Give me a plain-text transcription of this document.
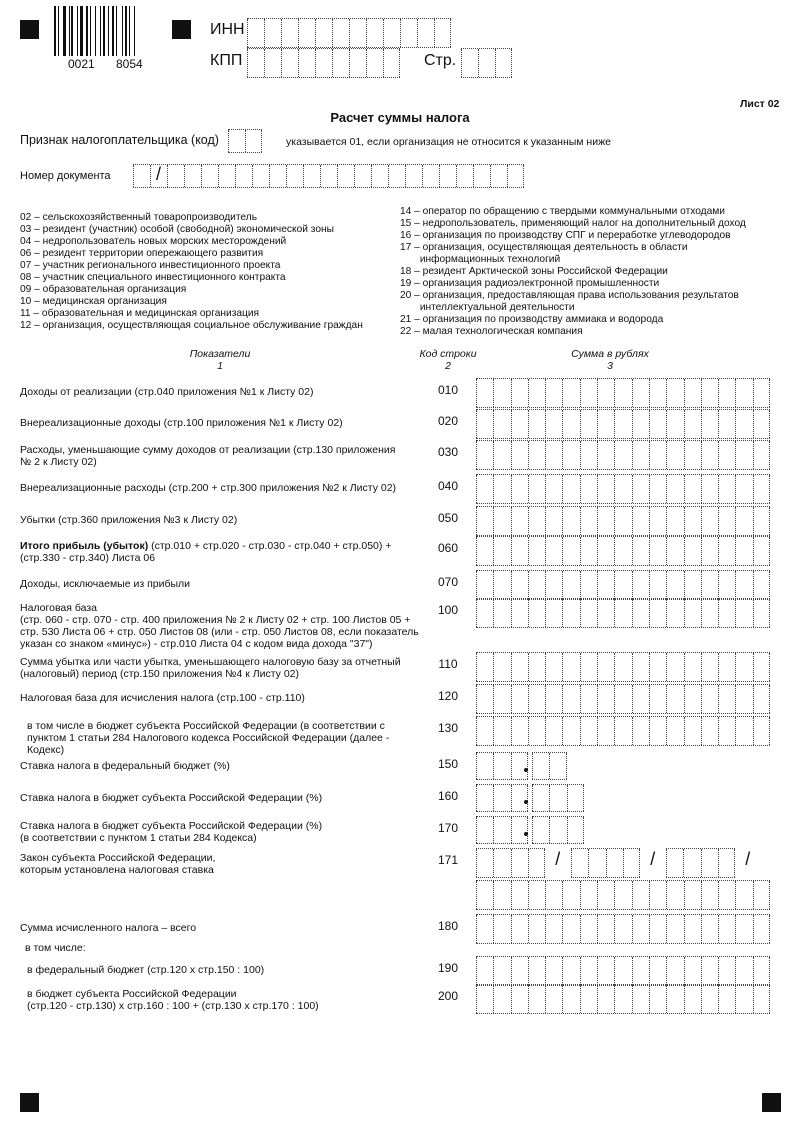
0021 8054
ИНН
КПП	Стр.
Лист 02
Расчет суммы налога
Признак налогоплательщика (код)	указывается 01, если организация не относится к указанным ниже
Номер документа	/
02 – сельскохозяйственный товаропроизводитель
03 – резидент (участник) особой (свободной) экономической зоны
04 – недропользователь новых морских месторождений
06 – резидент территории опережающего развития
07 – участник регионального инвестиционного проекта
08 – участник специального инвестиционного контракта
09 – образовательная организация
10 – медицинская организация
11 – образовательная и медицинская организация
12 – организация, осуществляющая социальное обслуживание граждан
14 – оператор по обращению с твердыми коммунальными отходами
15 – недропользователь, применяющий налог на дополнительный доход
16 – организация по производству СПГ и переработке углеводородов
17 – организация, осуществляющая деятельность в области
информационных технологий
18 – резидент Арктической зоны Российской Федерации
19 – организация радиоэлектронной промышленности
20 – организация, предоставляющая права использования результатов
интеллектуальной деятельности
21 – организация по производству аммиака и водорода
22 – малая технологическая компания
Показатели
1
Код строки
2
Сумма в рублях
3
Доходы от реализации (стр.040 приложения №1 к Листу 02)	010
Внереализационные доходы (стр.100 приложения №1 к Листу 02)	020
Расходы, уменьшающие сумму доходов от реализации (стр.130 приложения
№ 2 к Листу 02)
030
Внереализационные расходы (стр.200 + стр.300 приложения №2 к Листу 02)	040
Убытки (стр.360 приложения №3 к Листу 02)	050
Итого прибыль (убыток) (стр.010 + стр.020 - стр.030 - стр.040 + стр.050) +
(стр.330 - стр.340) Листа 06
060
Доходы, исключаемые из прибыли	070
Налоговая база
(стр. 060 - стр. 070 - стр. 400 приложения № 2 к Листу 02 + стр. 100 Листов 05 +
стр. 530 Листа 06 + стр. 050 Листов 08 (или - стр. 050 Листов 08, если показатель
указан со знаком «минус») - стр.010 Листа 04 с кодом вида дохода "37")
100
Сумма убытка или части убытка, уменьшающего налоговую базу за отчетный
(налоговый) период (стр.150 приложения №4 к Листу 02)
110
Налоговая база для исчисления налога (стр.100 - стр.110)	120
в том числе в бюджет субъекта Российской Федерации (в соответствии с
пунктом 1 статьи 284 Налогового кодекса Российской Федерации (далее - Кодекс)
130
Ставка налога в федеральный бюджет (%)	150
Ставка налога в бюджет субъекта Российской Федерации (%)	160
Ставка налога в бюджет субъекта Российской Федерации (%)
(в соответствии с пунктом 1 статьи 284 Кодекса)
170
Закон субъекта Российской Федерации,
которым установлена налоговая ставка
171	/	/	/
Сумма исчисленного налога – всего	180
в том числе:
в федеральный бюджет (стр.120 х стр.150 : 100)	190
в бюджет субъекта Российской Федерации
(стр.120 - стр.130) х стр.160 : 100 + (стр.130 х стр.170 : 100)
200
